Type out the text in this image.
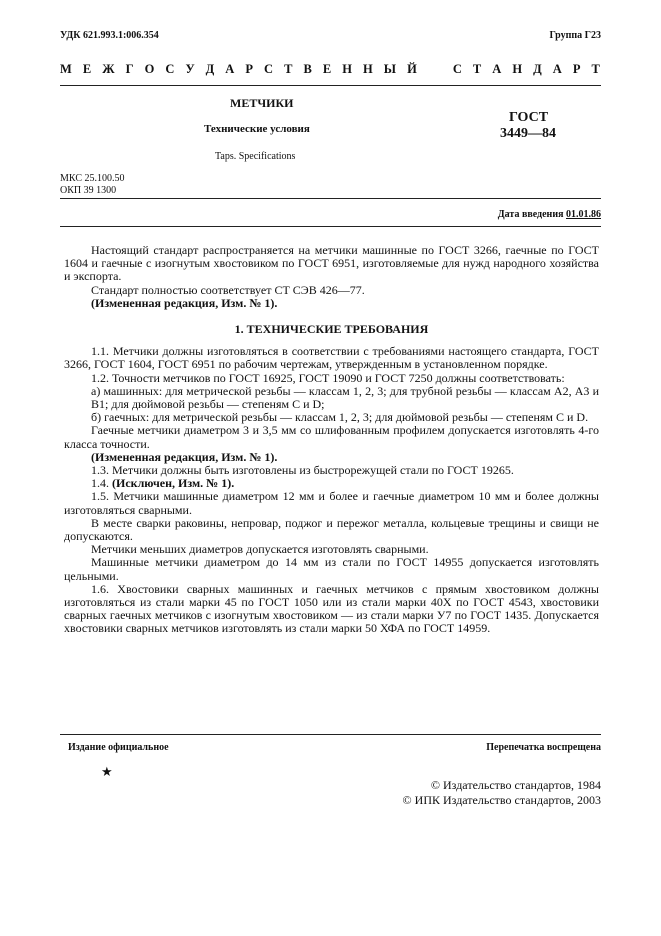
УДК 621.993.1:006.354	Группа Г23
М Е Ж Г О С У Д А Р С Т В Е Н Н Ы Й	С Т А Н Д А Р Т
МЕТЧИКИ
Технические условия
Taps. Specifications
ГОСТ
3449—84
МКС 25.100.50
ОКП 39 1300
Дата введения 01.01.86

Настоящий стандарт распространяется на метчики машинные по ГОСТ 3266, гаечные по ГОСТ 1604 и гаечные с изогнутым хвостовиком по ГОСТ 6951, изготовляемые для нужд народного хозяйства и экспорта.

Стандарт полностью соответствует СТ СЭВ 426—77.

(Измененная редакция, Изм. № 1).

1. ТЕХНИЧЕСКИЕ ТРЕБОВАНИЯ

1.1. Метчики должны изготовляться в соответствии с требованиями настоящего стандарта, ГОСТ 3266, ГОСТ 1604, ГОСТ 6951 по рабочим чертежам, утвержденным в установленном порядке.

1.2. Точности метчиков по ГОСТ 16925, ГОСТ 19090 и ГОСТ 7250 должны соответствовать:

а) машинных: для метрической резьбы — классам 1, 2, 3; для трубной резьбы — классам А2, А3 и В1; для дюймовой резьбы — степеням С и D;

б) гаечных: для метрической резьбы — классам 1, 2, 3; для дюймовой резьбы — степеням С и D.

Гаечные метчики диаметром 3 и 3,5 мм со шлифованным профилем допускается изготовлять 4-го класса точности.

(Измененная редакция, Изм. № 1).

1.3. Метчики должны быть изготовлены из быстрорежущей стали по ГОСТ 19265.

1.4. (Исключен, Изм. № 1).

1.5. Метчики машинные диаметром 12 мм и более и гаечные диаметром 10 мм и более должны изготовляться сварными.

В месте сварки раковины, непровар, поджог и пережог металла, кольцевые трещины и свищи не допускаются.

Метчики меньших диаметров допускается изготовлять сварными.

Машинные метчики диаметром до 14 мм из стали по ГОСТ 14955 допускается изготовлять цельными.

1.6. Хвостовики сварных машинных и гаечных метчиков с прямым хвостовиком должны изготовляться из стали марки 45 по ГОСТ 1050 или из стали марки 40Х по ГОСТ 4543, хвостовики сварных гаечных метчиков с изогнутым хвостовиком — из стали марки У7 по ГОСТ 1435. Допускается хвостовики сварных метчиков изготовлять из стали марки 50 ХФА по ГОСТ 14959.

Издание официальное	Перепечатка воспрещена
★
© Издательство стандартов, 1984
© ИПК Издательство стандартов, 2003
